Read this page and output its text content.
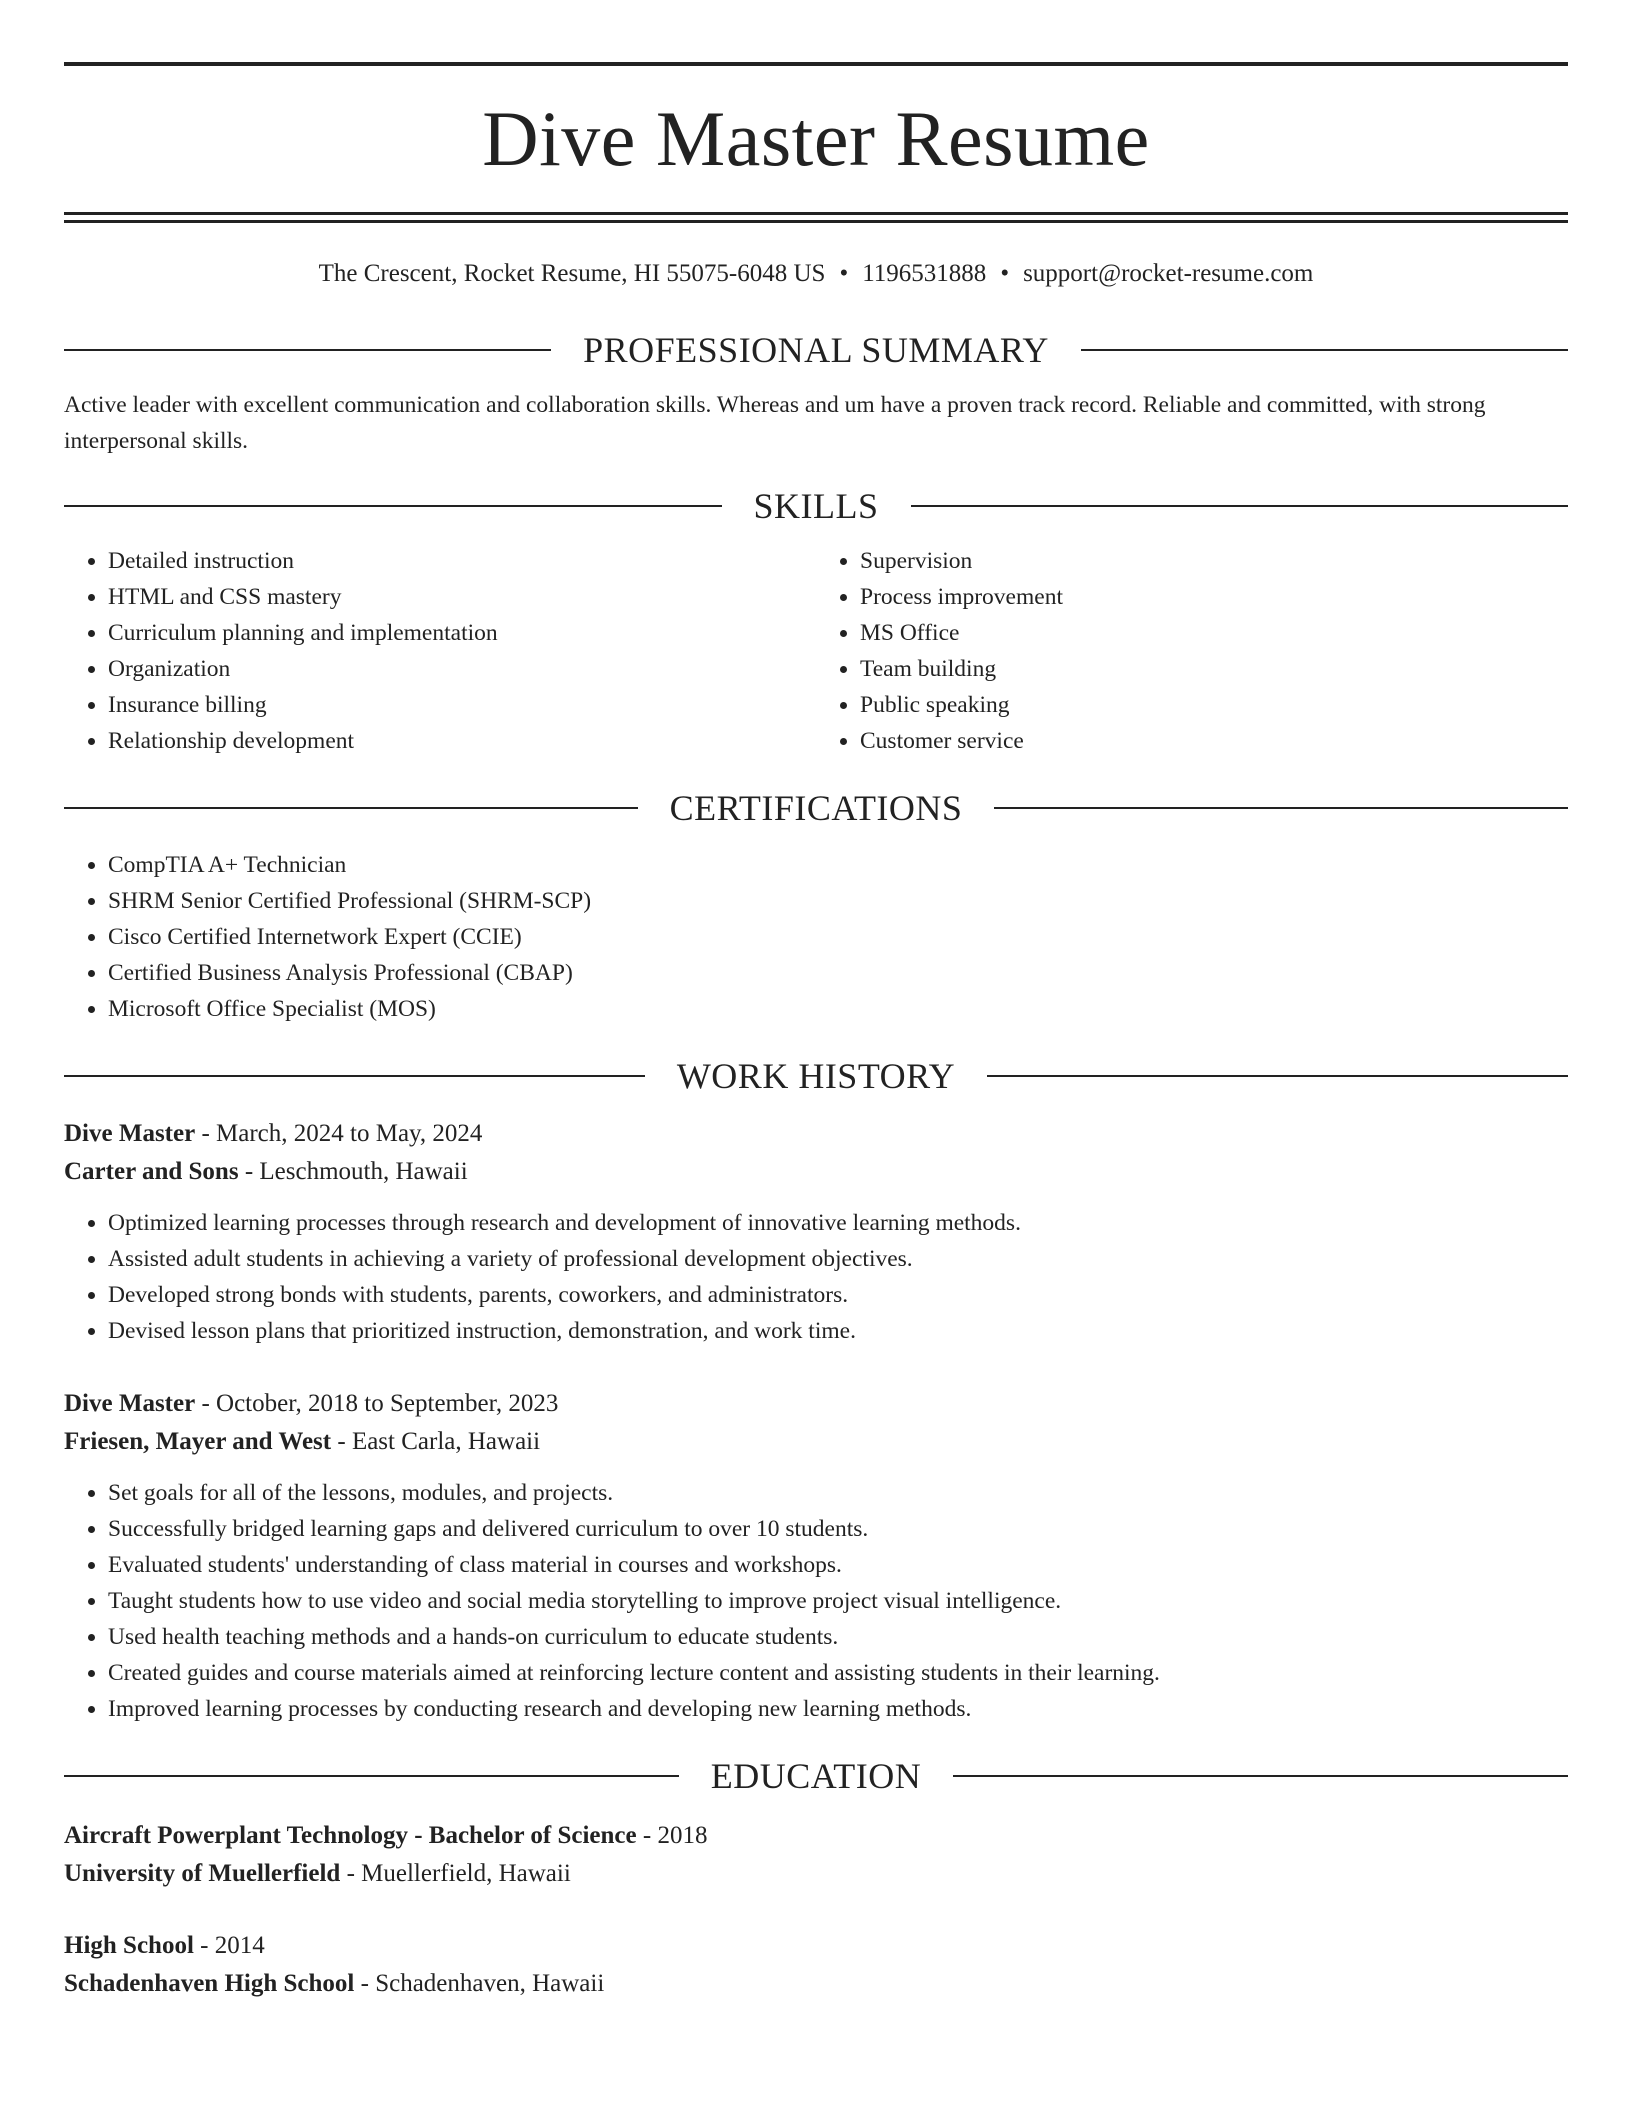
Dive Master Resume
The Crescent, Rocket Resume, HI 55075-6048 US • 1196531888 • support@rocket-resume.com
PROFESSIONAL SUMMARY
Active leader with excellent communication and collaboration skills. Whereas and um have a proven track record. Reliable and committed, with strong interpersonal skills.
SKILLS
• Detailed instruction
• HTML and CSS mastery
• Curriculum planning and implementation
• Organization
• Insurance billing
• Relationship development
• Supervision
• Process improvement
• MS Office
• Team building
• Public speaking
• Customer service
CERTIFICATIONS
• CompTIA A+ Technician
• SHRM Senior Certified Professional (SHRM-SCP)
• Cisco Certified Internetwork Expert (CCIE)
• Certified Business Analysis Professional (CBAP)
• Microsoft Office Specialist (MOS)
WORK HISTORY
Dive Master - March, 2024 to May, 2024
Carter and Sons - Leschmouth, Hawaii
• Optimized learning processes through research and development of innovative learning methods.
• Assisted adult students in achieving a variety of professional development objectives.
• Developed strong bonds with students, parents, coworkers, and administrators.
• Devised lesson plans that prioritized instruction, demonstration, and work time.
Dive Master - October, 2018 to September, 2023
Friesen, Mayer and West - East Carla, Hawaii
• Set goals for all of the lessons, modules, and projects.
• Successfully bridged learning gaps and delivered curriculum to over 10 students.
• Evaluated students' understanding of class material in courses and workshops.
• Taught students how to use video and social media storytelling to improve project visual intelligence.
• Used health teaching methods and a hands-on curriculum to educate students.
• Created guides and course materials aimed at reinforcing lecture content and assisting students in their learning.
• Improved learning processes by conducting research and developing new learning methods.
EDUCATION
Aircraft Powerplant Technology - Bachelor of Science - 2018
University of Muellerfield - Muellerfield, Hawaii
High School - 2014
Schadenhaven High School - Schadenhaven, Hawaii
